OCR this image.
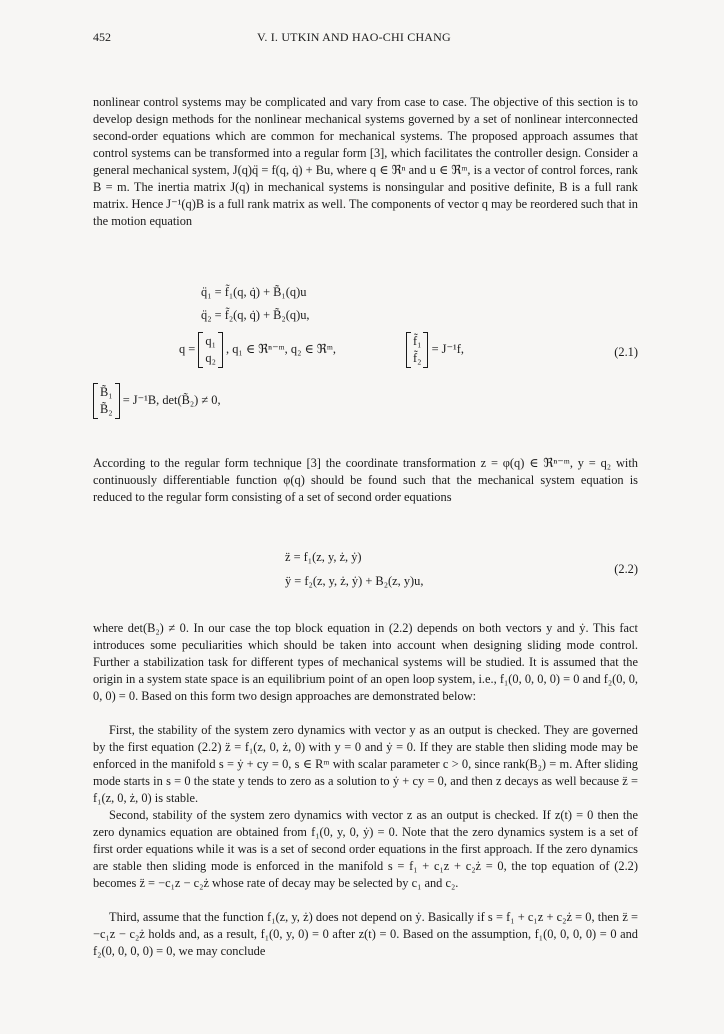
452	V. I. UTKIN AND HAO-CHI CHANG

nonlinear control systems may be complicated and vary from case to case. The objective of this section is to develop design methods for the nonlinear mechanical systems governed by a set of nonlinear interconnected second-order equations which are common for mechanical systems. The proposed approach assumes that control systems can be transformed into a regular form [3], which facilitates the controller design. Consider a general mechanical system, J(q)q̈ = f(q, q̇) + Bu, where q ∈ ℜⁿ and u ∈ ℜᵐ, is a vector of control forces, rank B = m. The inertia matrix J(q) in mechanical systems is nonsingular and positive definite, B is a full rank matrix. Hence J⁻¹(q)B is a full rank matrix as well. The components of vector q may be reordered such that in the motion equation

q̈₁ = f̃₁(q, q̇) + B̃₁(q)u
q̈₂ = f̃₂(q, q̇) + B̃₂(q)u,
q =
q₁
q₂
, q₁ ∈ ℜⁿ⁻ᵐ, q₂ ∈ ℜᵐ,
f̃₁
f̃₂
= J⁻¹f,	(2.1)
B̃₁
B̃₂
= J⁻¹B, det(B̃₂) ≠ 0,

According to the regular form technique [3] the coordinate transformation z = φ(q) ∈ ℜⁿ⁻ᵐ, y = q₂ with continuously differentiable function φ(q) should be found such that the mechanical system equation is reduced to the regular form consisting of a set of second order equations

z̈ = f₁(z, y, ż, ẏ)
ÿ = f₂(z, y, ż, ẏ) + B₂(z, y)u,
(2.2)

where det(B₂) ≠ 0. In our case the top block equation in (2.2) depends on both vectors y and ẏ. This fact introduces some peculiarities which should be taken into account when designing sliding mode control. Further a stabilization task for different types of mechanical systems will be studied. It is assumed that the origin in a system state space is an equilibrium point of an open loop system, i.e., f₁(0, 0, 0, 0) = 0 and f₂(0, 0, 0, 0) = 0. Based on this form two design approaches are demonstrated below:

First, the stability of the system zero dynamics with vector y as an output is checked. They are governed by the first equation (2.2) z̈ = f₁(z, 0, ż, 0) with y = 0 and ẏ = 0. If they are stable then sliding mode may be enforced in the manifold s = ẏ + cy = 0, s ∈ Rᵐ with scalar parameter c > 0, since rank(B₂) = m. After sliding mode starts in s = 0 the state y tends to zero as a solution to ẏ + cy = 0, and then z decays as well because z̈ = f₁(z, 0, ż, 0) is stable.

Second, stability of the system zero dynamics with vector z as an output is checked. If z(t) = 0 then the zero dynamics equation are obtained from f₁(0, y, 0, ẏ) = 0. Note that the zero dynamics system is a set of first order equations while it was is a set of second order equations in the first approach. If the zero dynamics are stable then sliding mode is enforced in the manifold s = f₁ + c₁z + c₂ż = 0, the top equation of (2.2) becomes z̈ = −c₁z − c₂ż whose rate of decay may be selected by c₁ and c₂.

Third, assume that the function f₁(z, y, ż) does not depend on ẏ. Basically if s = f₁ + c₁z + c₂ż = 0, then z̈ = −c₁z − c₂ż holds and, as a result, f₁(0, y, 0) = 0 after z(t) = 0. Based on the assumption, f₁(0, 0, 0, 0) = 0 and f₂(0, 0, 0, 0) = 0, we may conclude
